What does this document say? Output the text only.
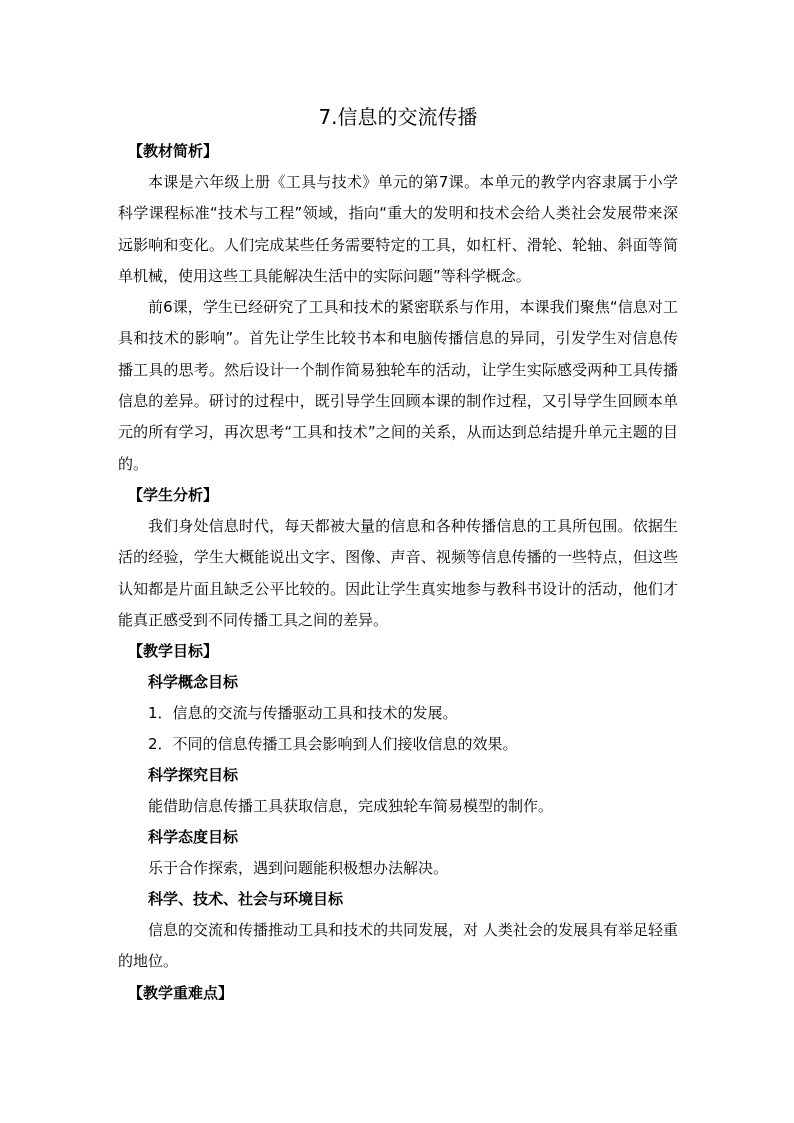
7.信息的交流传播

【教材简析】

本课是六年级上册《工具与技术》单元的第7课。本单元的教学内容隶属于小学科学课程标准“技术与工程”领域，指向“重大的发明和技术会给人类社会发展带来深远影响和变化。人们完成某些任务需要特定的工具，如杠杆、滑轮、轮轴、斜面等简单机械，使用这些工具能解决生活中的实际问题”等科学概念。

前6课，学生已经研究了工具和技术的紧密联系与作用，本课我们聚焦“信息对工具和技术的影响”。首先让学生比较书本和电脑传播信息的异同，引发学生对信息传播工具的思考。然后设计一个制作简易独轮车的活动，让学生实际感受两种工具传播信息的差异。研讨的过程中，既引导学生回顾本课的制作过程，又引导学生回顾本单元的所有学习，再次思考“工具和技术”之间的关系，从而达到总结提升单元主题的目的。

【学生分析】

我们身处信息时代，每天都被大量的信息和各种传播信息的工具所包围。依据生活的经验，学生大概能说出文字、图像、声音、视频等信息传播的一些特点，但这些认知都是片面且缺乏公平比较的。因此让学生真实地参与教科书设计的活动，他们才能真正感受到不同传播工具之间的差异。

【教学目标】

科学概念目标

1．信息的交流与传播驱动工具和技术的发展。

2．不同的信息传播工具会影响到人们接收信息的效果。

科学探究目标

能借助信息传播工具获取信息，完成独轮车简易模型的制作。

科学态度目标

乐于合作探索，遇到问题能积极想办法解决。

科学、技术、社会与环境目标

信息的交流和传播推动工具和技术的共同发展，对 人类社会的发展具有举足轻重的地位。

【教学重难点】
